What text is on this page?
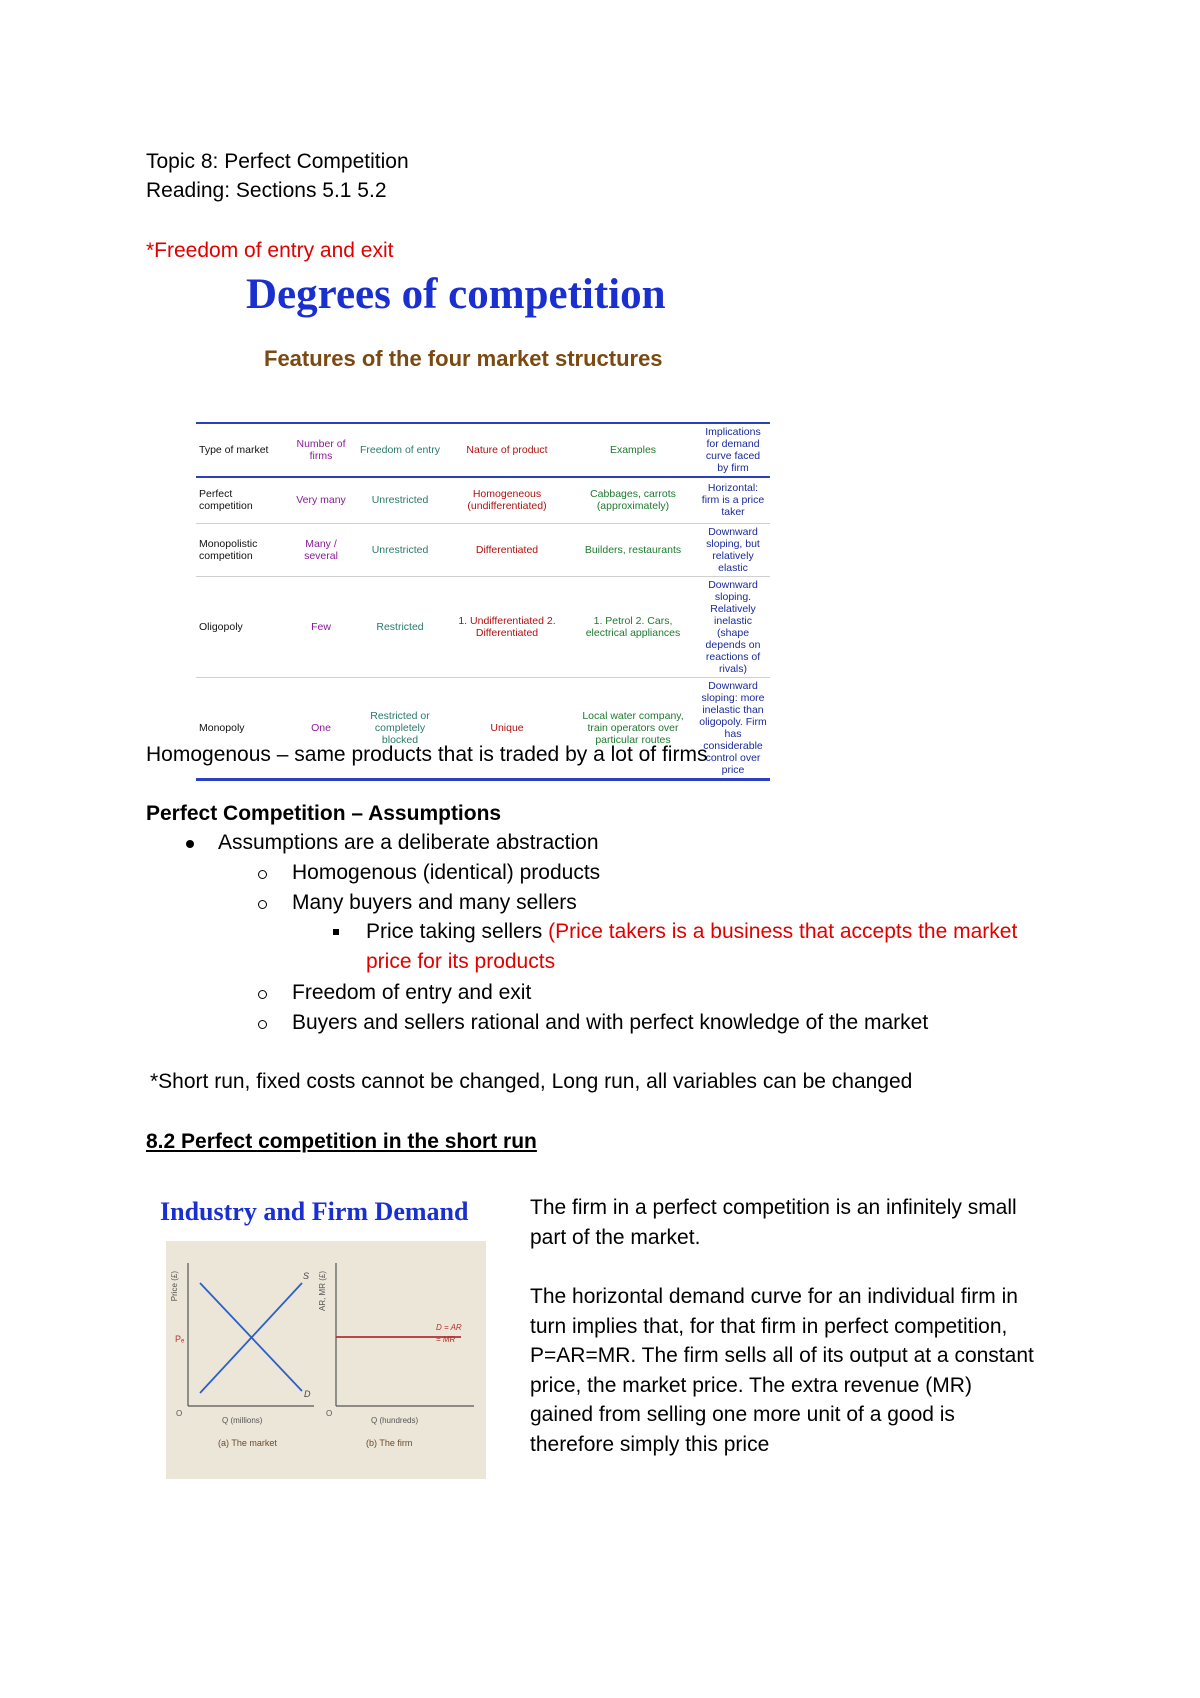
Topic 8: Perfect Competition
Reading: Sections 5.1 5.2
*Freedom of entry and exit
Degrees of competition
Features of the four market structures
Type of market	Number of firms	Freedom of entry	Nature of product	Examples	Implications for demand curve faced by firm
Perfect competition	Very many	Unrestricted	Homogeneous (undifferentiated)	Cabbages, carrots (approximately)	Horizontal: firm is a price taker
Monopolistic competition	Many / several	Unrestricted	Differentiated	Builders, restaurants	Downward sloping, but relatively elastic
Oligopoly	Few	Restricted	1. Undifferentiated 2. Differentiated	1. Petrol 2. Cars, electrical appliances	Downward sloping. Relatively inelastic (shape depends on reactions of rivals)
Monopoly	One	Restricted or completely blocked	Unique	Local water company, train operators over particular routes	Downward sloping: more inelastic than oligopoly. Firm has considerable control over price
Homogenous – same products that is traded by a lot of firms
Perfect Competition – Assumptions
Assumptions are a deliberate abstraction
Homogenous (identical) products
Many buyers and many sellers
Price taking sellers (Price takers is a business that accepts the market
price for its products
Freedom of entry and exit
Buyers and sellers rational and with perfect knowledge of the market
*Short run, fixed costs cannot be changed, Long run, all variables can be changed
8.2 Perfect competition in the short run
Industry and Firm Demand
S
D
Pₑ
Price (£)
O
Q (millions)
(a) The market
D = AR
= MR
AR, MR (£)
O
Q (hundreds)
(b) The firm
The firm in a perfect competition is an infinitely small
part of the market.
The horizontal demand curve for an individual firm in
turn implies that, for that firm in perfect competition,
P=AR=MR. The firm sells all of its output at a constant
price, the market price. The extra revenue (MR)
gained from selling one more unit of a good is
therefore simply this price
